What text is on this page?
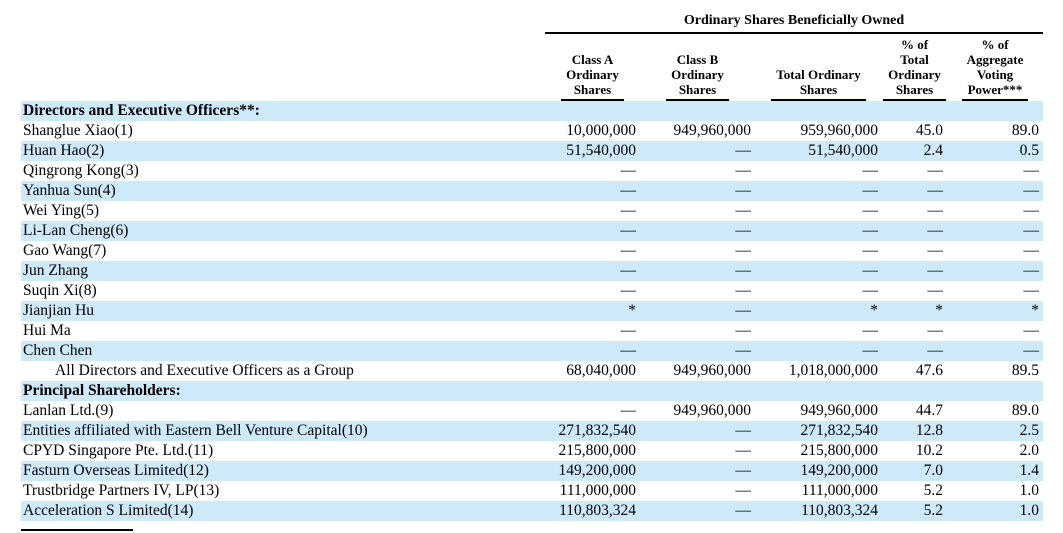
	Ordinary Shares Beneficially Owned				

	Class A
Ordinary
Shares	Class B
Ordinary
Shares	Total Ordinary
Shares	% of
Total
Ordinary
Shares	% of
Aggregate
Voting
Power***
Directors and Executive Officers**:					
Shanglue Xiao(1)	10,000,000	949,960,000	959,960,000	45.0	89.0
Huan Hao(2)	51,540,000	—	51,540,000	2.4	0.5
Qingrong Kong(3)	—	—	—	—	—
Yanhua Sun(4)	—	—	—	—	—
Wei Ying(5)	—	—	—	—	—
Li-Lan Cheng(6)	—	—	—	—	—
Gao Wang(7)	—	—	—	—	—
Jun Zhang	—	—	—	—	—
Suqin Xi(8)	—	—	—	—	—
Jianjian Hu	*	—	*	*	*
Hui Ma	—	—	—	—	—
Chen Chen	—	—	—	—	—
All Directors and Executive Officers as a Group	68,040,000	949,960,000	1,018,000,000	47.6	89.5
Principal Shareholders:					
Lanlan Ltd.(9)	—	949,960,000	949,960,000	44.7	89.0
Entities affiliated with Eastern Bell Venture Capital(10)	271,832,540	—	271,832,540	12.8	2.5
CPYD Singapore Pte. Ltd.(11)	215,800,000	—	215,800,000	10.2	2.0
Fasturn Overseas Limited(12)	149,200,000	—	149,200,000	7.0	1.4
Trustbridge Partners IV, LP(13)	111,000,000	—	111,000,000	5.2	1.0
Acceleration S Limited(14)	110,803,324	—	110,803,324	5.2	1.0
